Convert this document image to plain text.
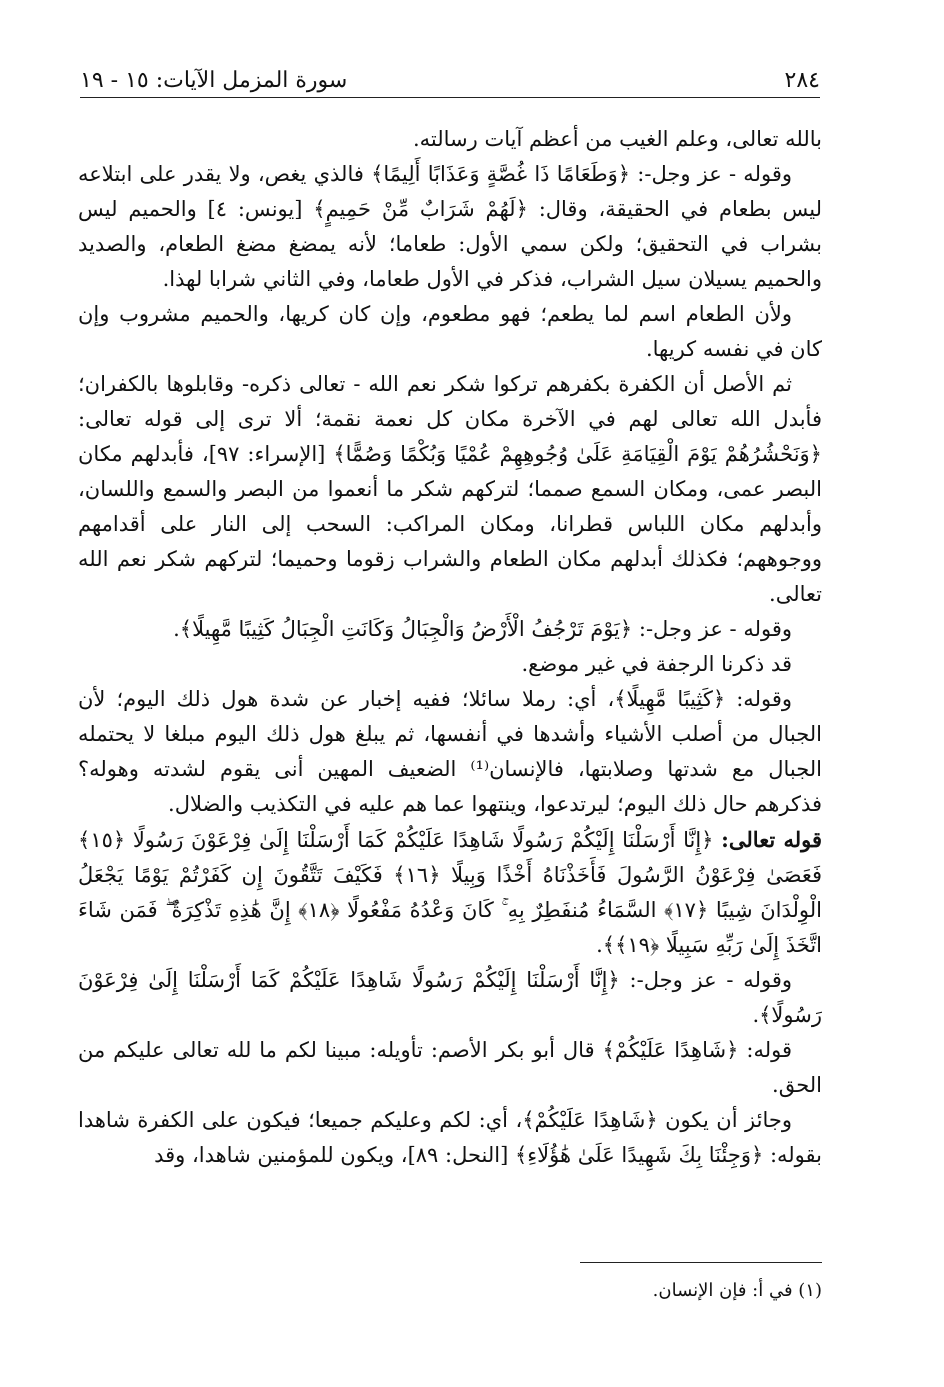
٢٨٤
سورة المزمل الآيات: ١٥ - ١٩

بالله تعالى، وعلم الغيب من أعظم آيات رسالته.

وقوله - عز وجل-: ﴿وَطَعَامًا ذَا غُصَّةٍ وَعَذَابًا أَلِيمًا﴾ فالذي يغص، ولا يقدر على ابتلاعه ليس بطعام في الحقيقة، وقال: ﴿لَهُمْ شَرَابٌ مِّنْ حَمِيمٍ﴾ [يونس: ٤] والحميم ليس بشراب في التحقيق؛ ولكن سمي الأول: طعاما؛ لأنه يمضغ مضغ الطعام، والصديد والحميم يسيلان سيل الشراب، فذكر في الأول طعاما، وفي الثاني شرابا لهذا.

ولأن الطعام اسم لما يطعم؛ فهو مطعوم، وإن كان كريها، والحميم مشروب وإن كان في نفسه كريها.

ثم الأصل أن الكفرة بكفرهم تركوا شكر نعم الله - تعالى ذكره- وقابلوها بالكفران؛ فأبدل الله تعالى لهم في الآخرة مكان كل نعمة نقمة؛ ألا ترى إلى قوله تعالى: ﴿وَنَحْشُرُهُمْ يَوْمَ الْقِيَامَةِ عَلَىٰ وُجُوهِهِمْ عُمْيًا وَبُكْمًا وَصُمًّا﴾ [الإسراء: ٩٧]، فأبدلهم مكان البصر عمى، ومكان السمع صمما؛ لتركهم شكر ما أنعموا من البصر والسمع واللسان، وأبدلهم مكان اللباس قطرانا، ومكان المراكب: السحب إلى النار على أقدامهم ووجوههم؛ فكذلك أبدلهم مكان الطعام والشراب زقوما وحميما؛ لتركهم شكر نعم الله تعالى.

وقوله - عز وجل-: ﴿يَوْمَ تَرْجُفُ الْأَرْضُ وَالْجِبَالُ وَكَانَتِ الْجِبَالُ كَثِيبًا مَّهِيلًا﴾.

قد ذكرنا الرجفة في غير موضع.

وقوله: ﴿كَثِيبًا مَّهِيلًا﴾، أي: رملا سائلا؛ ففيه إخبار عن شدة هول ذلك اليوم؛ لأن الجبال من أصلب الأشياء وأشدها في أنفسها، ثم يبلغ هول ذلك اليوم مبلغا لا يحتمله الجبال مع شدتها وصلابتها، فالإنسان⁽¹⁾ الضعيف المهين أنى يقوم لشدته وهوله؟ فذكرهم حال ذلك اليوم؛ ليرتدعوا، وينتهوا عما هم عليه في التكذيب والضلال.

قوله تعالى: ﴿إِنَّا أَرْسَلْنَا إِلَيْكُمْ رَسُولًا شَاهِدًا عَلَيْكُمْ كَمَا أَرْسَلْنَا إِلَىٰ فِرْعَوْنَ رَسُولًا ﴿١٥﴾ فَعَصَىٰ فِرْعَوْنُ الرَّسُولَ فَأَخَذْنَاهُ أَخْذًا وَبِيلًا ﴿١٦﴾ فَكَيْفَ تَتَّقُونَ إِن كَفَرْتُمْ يَوْمًا يَجْعَلُ الْوِلْدَانَ شِيبًا ﴿١٧﴾ السَّمَاءُ مُنفَطِرٌ بِهِ ۚ كَانَ وَعْدُهُ مَفْعُولًا ﴿١٨﴾ إِنَّ هَٰذِهِ تَذْكِرَةٌ ۖ فَمَن شَاءَ اتَّخَذَ إِلَىٰ رَبِّهِ سَبِيلًا ﴿١٩﴾﴾.

وقوله - عز وجل-: ﴿إِنَّا أَرْسَلْنَا إِلَيْكُمْ رَسُولًا شَاهِدًا عَلَيْكُمْ كَمَا أَرْسَلْنَا إِلَىٰ فِرْعَوْنَ رَسُولًا﴾.

قوله: ﴿شَاهِدًا عَلَيْكُمْ﴾ قال أبو بكر الأصم: تأويله: مبينا لكم ما لله تعالى عليكم من الحق.

وجائز أن يكون ﴿شَاهِدًا عَلَيْكُمْ﴾، أي: لكم وعليكم جميعا؛ فيكون على الكفرة شاهدا بقوله: ﴿وَجِئْنَا بِكَ شَهِيدًا عَلَىٰ هَٰؤُلَاءِ﴾ [النحل: ٨٩]، ويكون للمؤمنين شاهدا، وقد

(١) في أ: فإن الإنسان.
